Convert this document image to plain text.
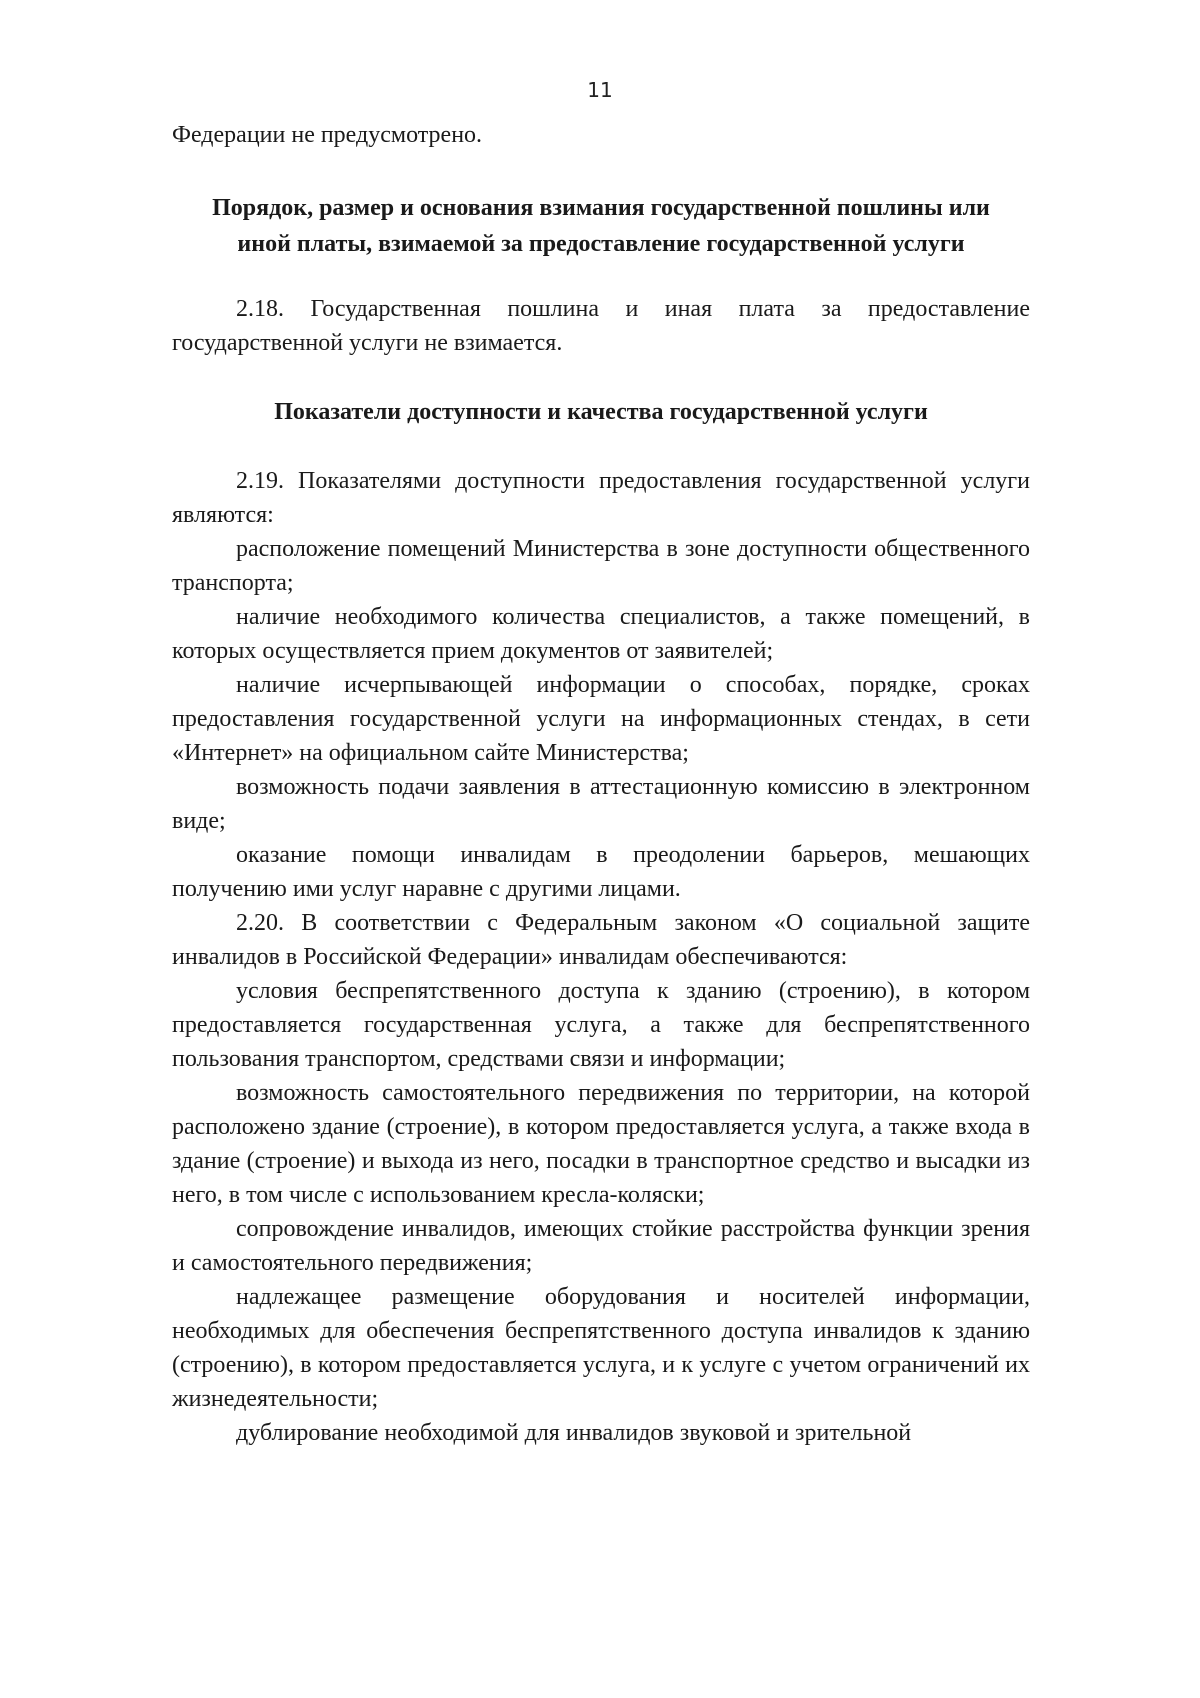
11

Федерации не предусмотрено.

Порядок, размер и основания взимания государственной пошлины или
иной платы, взимаемой за предоставление государственной услуги

2.18. Государственная пошлина и иная плата за предоставление государственной услуги не взимается.

Показатели доступности и качества государственной услуги

2.19. Показателями доступности предоставления государственной услуги являются:

расположение помещений Министерства в зоне доступности общественного транспорта;

наличие необходимого количества специалистов, а также помещений, в которых осуществляется прием документов от заявителей;

наличие исчерпывающей информации о способах, порядке, сроках предоставления государственной услуги на информационных стендах, в сети «Интернет» на официальном сайте Министерства;

возможность подачи заявления в аттестационную комиссию в электронном виде;

оказание помощи инвалидам в преодолении барьеров, мешающих получению ими услуг наравне с другими лицами.

2.20. В соответствии с Федеральным законом «О социальной защите инвалидов в Российской Федерации» инвалидам обеспечиваются:

условия беспрепятственного доступа к зданию (строению), в котором предоставляется государственная услуга, а также для беспрепятственного пользования транспортом, средствами связи и информации;

возможность самостоятельного передвижения по территории, на которой расположено здание (строение), в котором предоставляется услуга, а также входа в здание (строение) и выхода из него, посадки в транспортное средство и высадки из него, в том числе с использованием кресла-коляски;

сопровождение инвалидов, имеющих стойкие расстройства функции зрения и самостоятельного передвижения;

надлежащее размещение оборудования и носителей информации, необходимых для обеспечения беспрепятственного доступа инвалидов к зданию (строению), в котором предоставляется услуга, и к услуге с учетом ограничений их жизнедеятельности;

дублирование необходимой для инвалидов звуковой и зрительной
